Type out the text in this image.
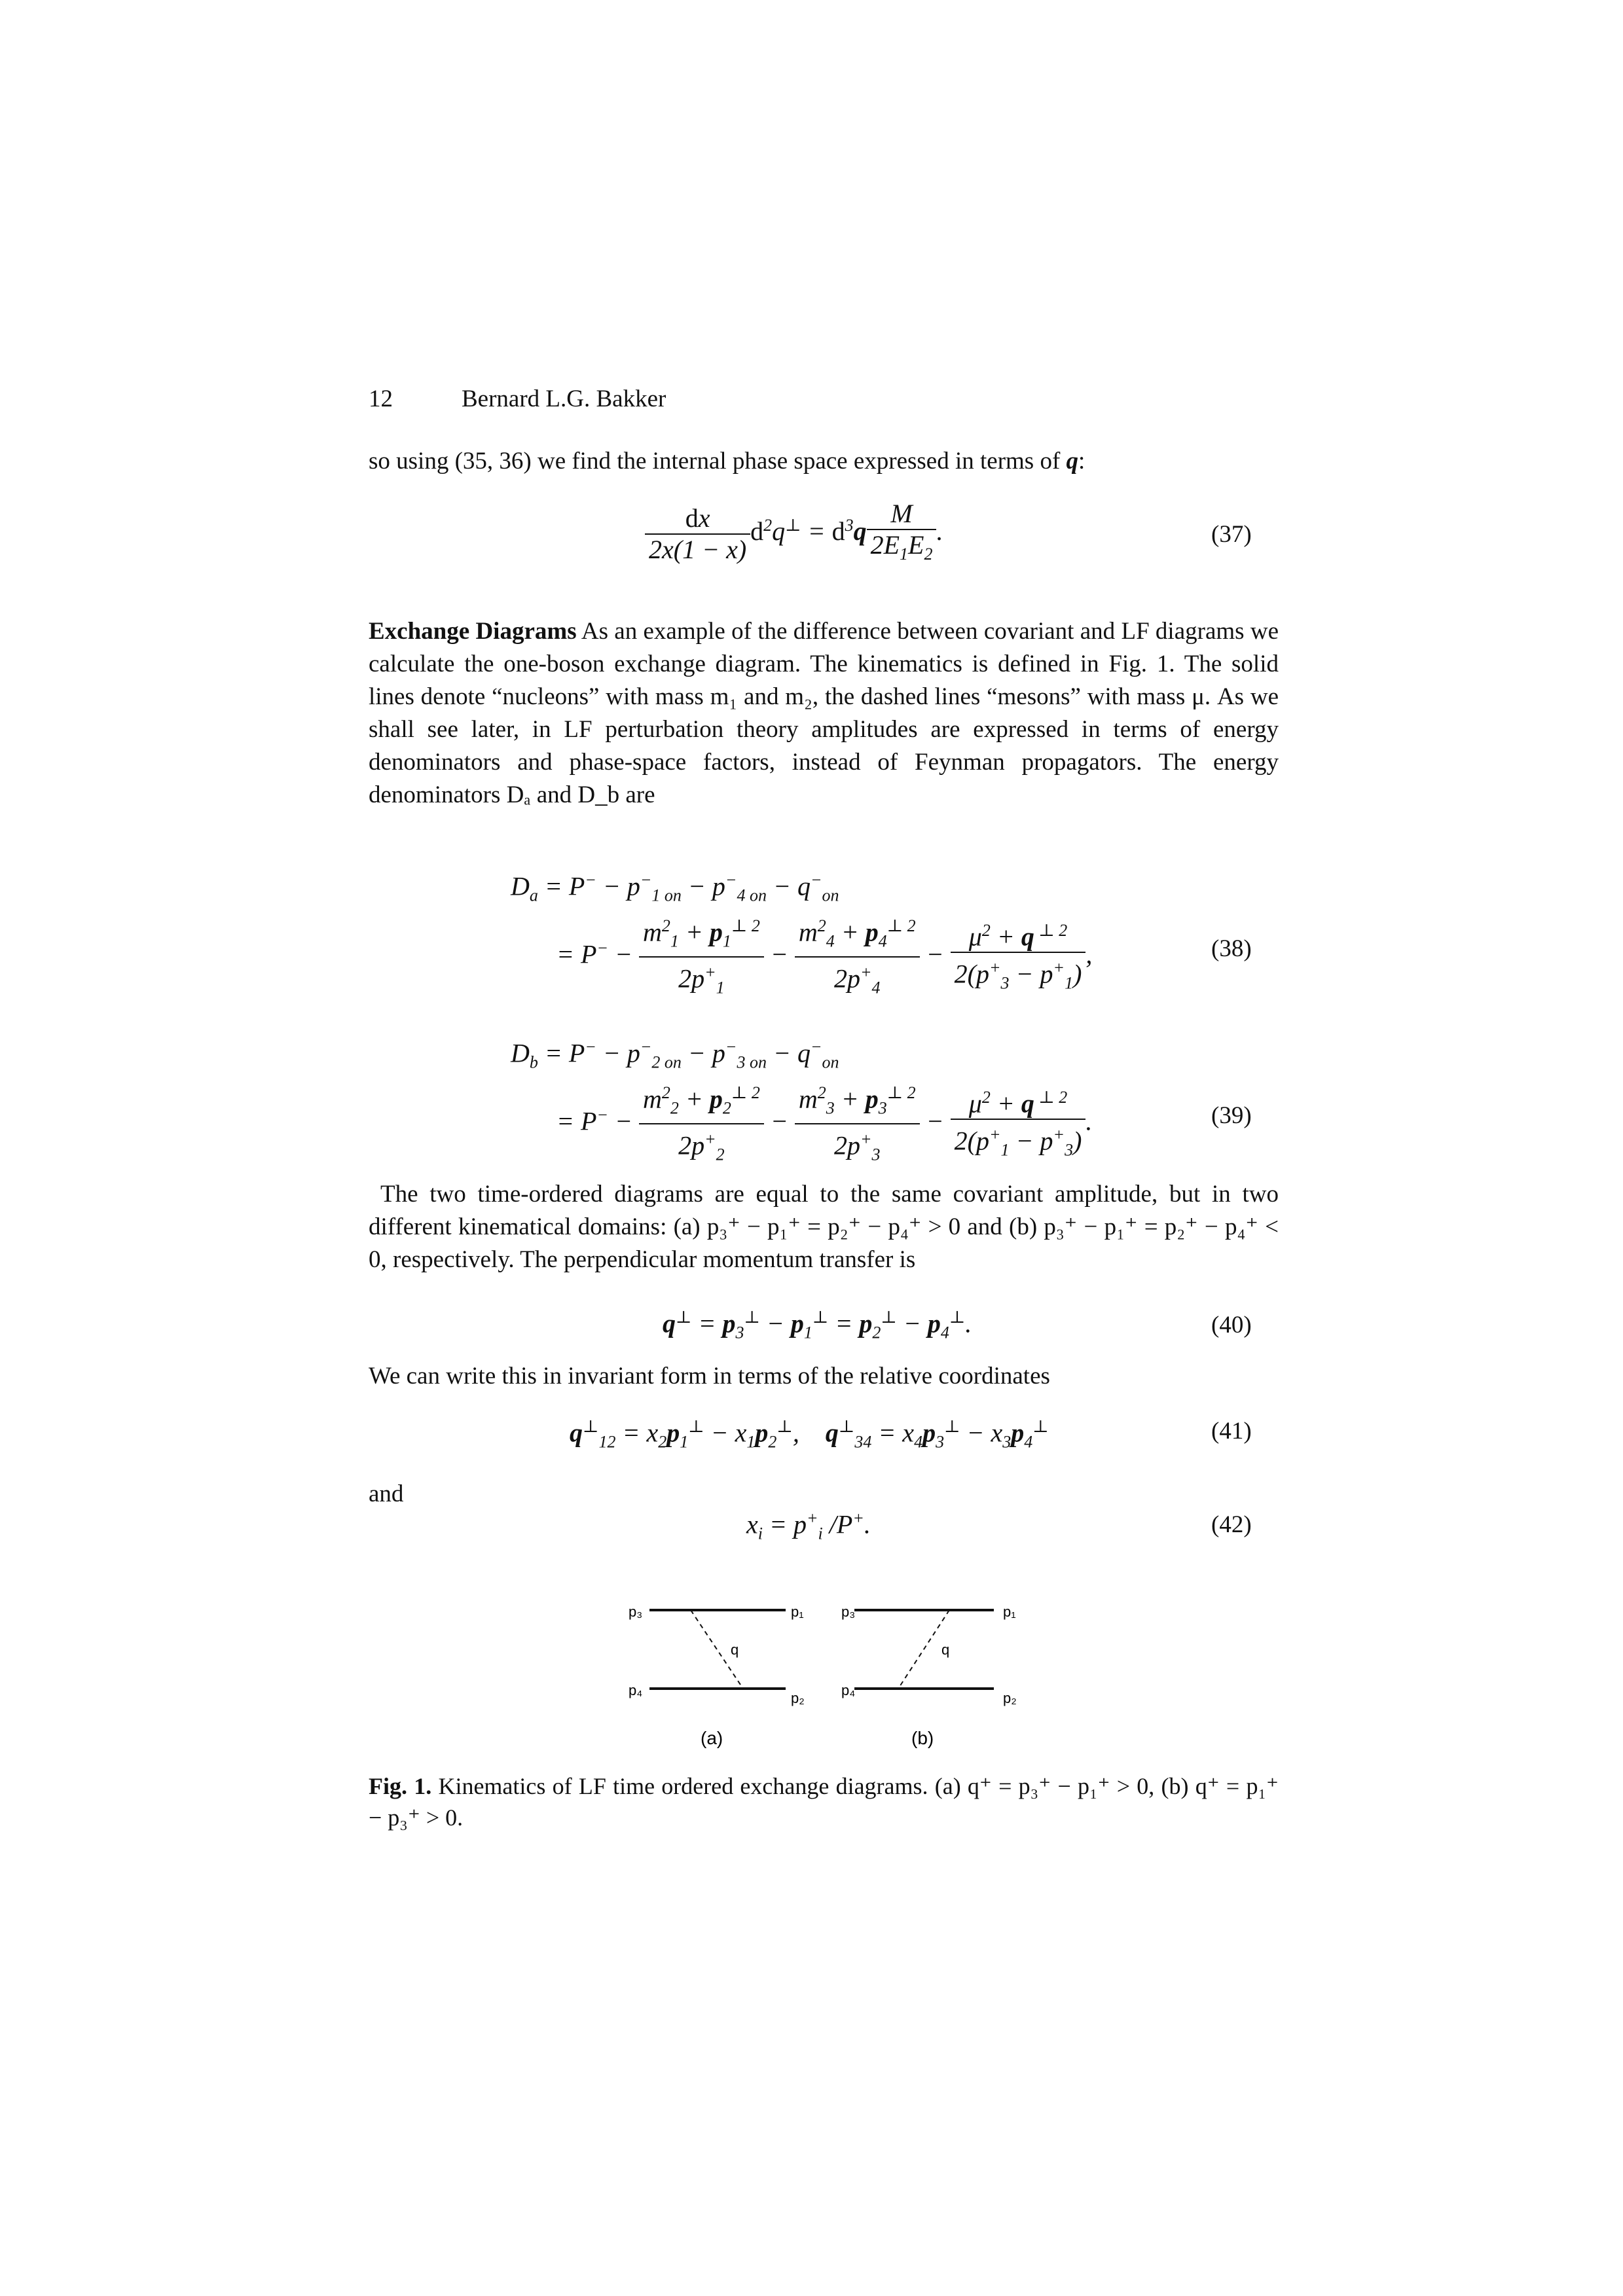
12	Bernard L.G. Bakker
so using (35, 36) we find the internal phase space expressed in terms of q:
$\frac{dx}{2x(1 - x)} d^2q^\perp = d^3q \frac{M}{2E_1E_2}$ .	(37)
Exchange Diagrams As an example of the difference between covariant and LF diagrams we calculate the one-boson exchange diagram. The kinematics is defined in Fig. 1. The solid lines denote “nucleons” with mass m₁ and m₂, the dashed lines “mesons” with mass μ. As we shall see later, in LF perturbation theory amplitudes are expressed in terms of energy denominators and phase-space factors, instead of Feynman propagators. The energy denominators Dₐ and D_b are
$D_a = P^- - p^-_{1 on} - p^-_{4 on} - q^-_{on}$
= $P^- - \frac{m^2_1 + p_1^{\perp 2}}{2p^+_1} - \frac{m^2_4 + p_4^{\perp 2}}{2p^+_4} - \frac{\mu^2 + q ^{\perp 2}}{2(p^+_3 - p^+_1)}$ ,	(38)
$D_b = P^- - p^-_{2 on} - p^-_{3 on} - q^-_{on}$
= $P^- - \frac{m^2_2 + p_2^{\perp 2}}{2p^+_2} - \frac{m^2_3 + p_3^{\perp 2}}{2p^+_3} - \frac{\mu^2 + q ^{\perp 2}}{2(p^+_1 - p^+_3)}$ .	(39)
The two time-ordered diagrams are equal to the same covariant amplitude, but in two different kinematical domains: (a) p₃⁺ − p₁⁺ = p₂⁺ − p₄⁺ > 0 and (b) p₃⁺ − p₁⁺ = p₂⁺ − p₄⁺ < 0, respectively. The perpendicular momentum transfer is
$q^\perp = p_3^\perp - p_1^\perp = p_2^\perp - p_4^\perp$.	(40)
We can write this in invariant form in terms of the relative coordinates
$q^\perp_{12} = x_2p_1^\perp - x_1p_2^\perp$,    $q^\perp_{34} = x_4p_3^\perp - x_3p_4^\perp$	(41)
and
$x_i = p^+_i$ /P+.	(42)
p₃	p₁
p₄	p₂
q
(a)
p₃	p₁
p₄	p₂
q
(b)
Fig. 1. Kinematics of LF time ordered exchange diagrams. (a) q⁺ = p₃⁺ − p₁⁺ > 0, (b) q⁺ = p₁⁺ − p₃⁺ > 0.
